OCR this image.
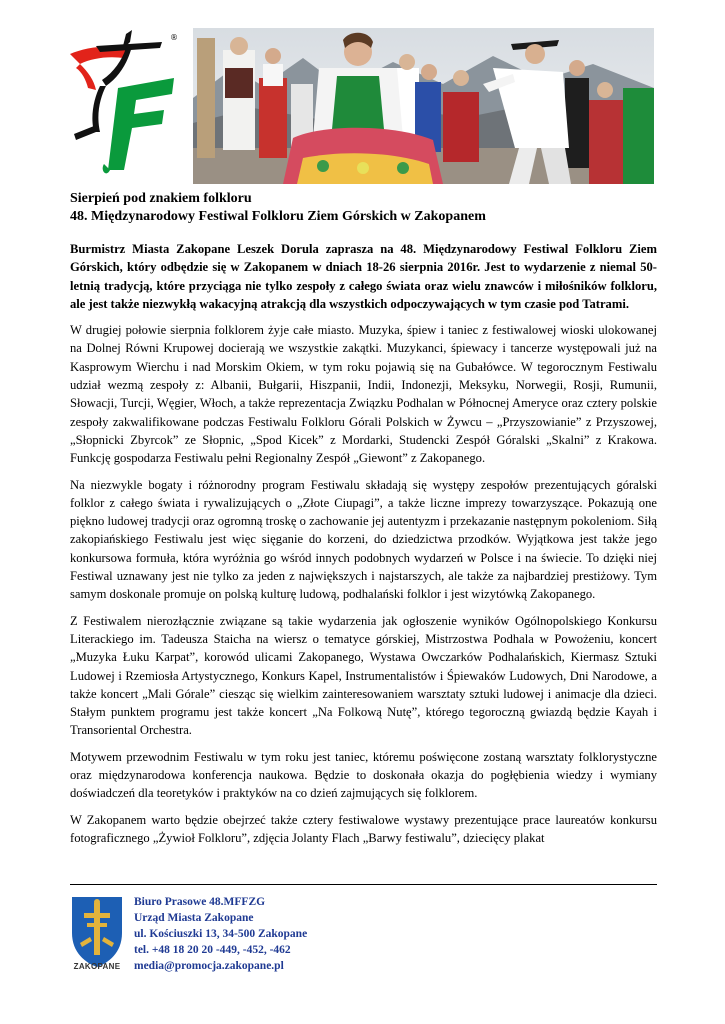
®
Sierpień pod znakiem folkloru
48. Międzynarodowy Festiwal Folkloru Ziem Górskich w Zakopanem

Burmistrz Miasta Zakopane Leszek Dorula zaprasza na 48. Międzynarodowy Festiwal Folkloru Ziem Górskich, który odbędzie się w Zakopanem w dniach 18-26 sierpnia 2016r. Jest to wydarzenie z niemal 50-letnią tradycją, które przyciąga nie tylko zespoły z całego świata oraz wielu znawców i miłośników folkloru, ale jest także niezwykłą wakacyjną atrakcją dla wszystkich odpoczywających w tym czasie pod Tatrami.

W drugiej połowie sierpnia folklorem żyje całe miasto. Muzyka, śpiew i taniec z festiwalowej wioski ulokowanej na Dolnej Równi Krupowej docierają we wszystkie zakątki. Muzykanci, śpiewacy i tancerze występowali już na Kasprowym Wierchu i nad Morskim Okiem, w tym roku pojawią się na Gubałówce. W tegorocznym Festiwalu udział wezmą zespoły z: Albanii, Bułgarii, Hiszpanii, Indii, Indonezji, Meksyku, Norwegii, Rosji, Rumunii, Słowacji, Turcji, Węgier, Włoch, a także reprezentacja Związku Podhalan w Północnej Ameryce oraz cztery polskie zespoły zakwalifikowane podczas Festiwalu Folkloru Górali Polskich w Żywcu – „Przyszowianie” z Przyszowej, „Słopnicki Zbyrcok” ze Słopnic, „Spod Kicek” z Mordarki, Studencki Zespół Góralski „Skalni” z Krakowa. Funkcję gospodarza Festiwalu pełni Regionalny Zespół „Giewont” z Zakopanego.

Na niezwykle bogaty i różnorodny program Festiwalu składają się występy zespołów prezentujących góralski folklor z całego świata i rywalizujących o „Złote Ciupagi”, a także liczne imprezy towarzyszące. Pokazują one piękno ludowej tradycji oraz ogromną troskę o zachowanie jej autentyzm i przekazanie następnym pokoleniom. Siłą zakopiańskiego Festiwalu jest więc sięganie do korzeni, do dziedzictwa przodków. Wyjątkowa jest także jego konkursowa formuła, która wyróżnia go wśród innych podobnych wydarzeń w Polsce i na świecie. To dzięki niej Festiwal uznawany jest nie tylko za jeden z największych i najstarszych, ale także za najbardziej prestiżowy. Tym samym doskonale promuje on polską kulturę ludową, podhalański folklor i jest wizytówką Zakopanego.

Z Festiwalem nierozłącznie związane są takie wydarzenia jak ogłoszenie wyników Ogólnopolskiego Konkursu Literackiego im. Tadeusza Staicha na wiersz o tematyce górskiej, Mistrzostwa Podhala w Powożeniu, koncert „Muzyka Łuku Karpat”, korowód ulicami Zakopanego, Wystawa Owczarków Podhalańskich, Kiermasz Sztuki Ludowej i Rzemiosła Artystycznego, Konkurs Kapel, Instrumentalistów i Śpiewaków Ludowych, Dni Narodowe, a także koncert „Mali Górale” ciesząc się wielkim zainteresowaniem warsztaty sztuki ludowej i animacje dla dzieci. Stałym punktem programu jest także koncert „Na Folkową Nutę”, którego tegoroczną gwiazdą będzie Kayah i Transoriental Orchestra.

Motywem przewodnim Festiwalu w tym roku jest taniec, któremu poświęcone zostaną warsztaty folklorystyczne oraz międzynarodowa konferencja naukowa. Będzie to doskonała okazja do pogłębienia wiedzy i wymiany doświadczeń dla teoretyków i praktyków na co dzień zajmujących się folklorem.

W Zakopanem warto będzie obejrzeć także cztery festiwalowe wystawy prezentujące prace laureatów konkursu fotograficznego „Żywioł Folkloru”, zdjęcia Jolanty Flach „Barwy festiwalu”, dziecięcy plakat

ZAKOPANE
Biuro Prasowe 48.MFFZG
Urząd Miasta Zakopane
ul. Kościuszki 13, 34-500 Zakopane
tel. +48 18 20 20 -449, -452, -462
media@promocja.zakopane.pl
